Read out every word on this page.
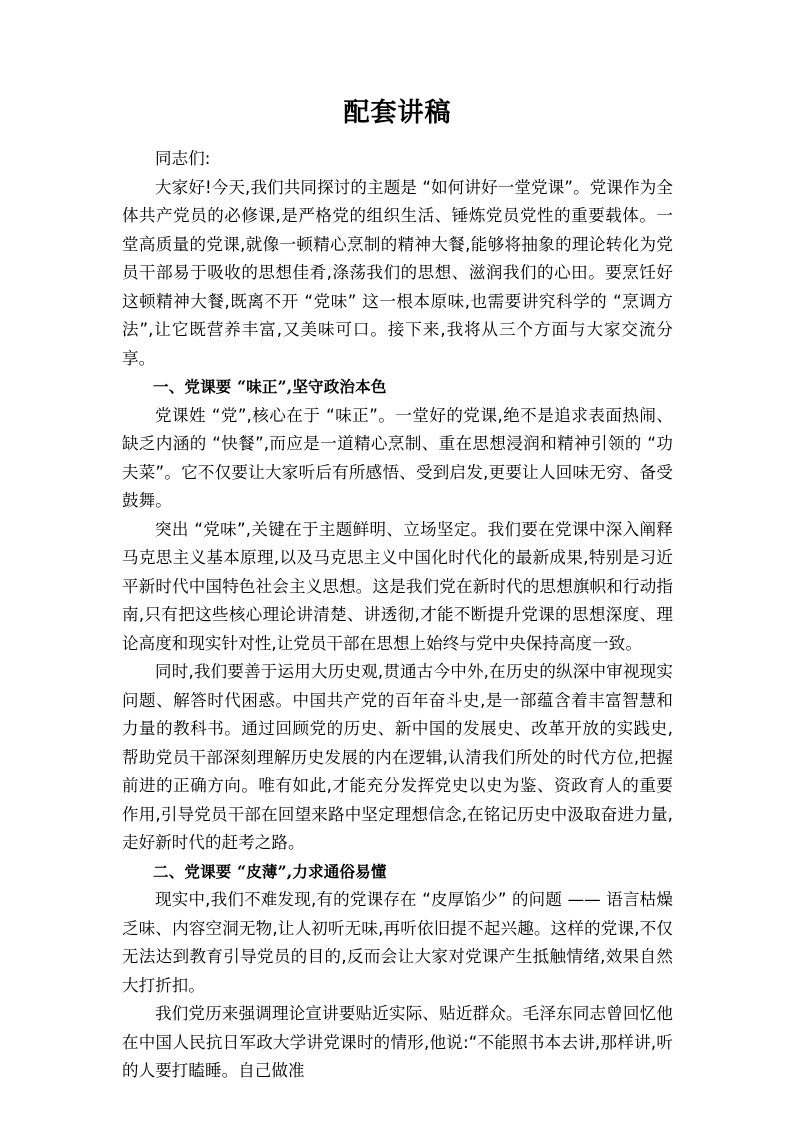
配套讲稿

同志们:

大家好!今天,我们共同探讨的主题是 “如何讲好一堂党课”。党课作为全体共产党员的必修课,是严格党的组织生活、锤炼党员党性的重要载体。一堂高质量的党课,就像一顿精心烹制的精神大餐,能够将抽象的理论转化为党员干部易于吸收的思想佳肴,涤荡我们的思想、滋润我们的心田。要烹饪好这顿精神大餐,既离不开 “党味” 这一根本原味,也需要讲究科学的 “烹调方法”,让它既营养丰富,又美味可口。接下来,我将从三个方面与大家交流分享。

一、党课要 “味正”,坚守政治本色

党课姓 “党”,核心在于 “味正”。一堂好的党课,绝不是追求表面热闹、缺乏内涵的 “快餐”,而应是一道精心烹制、重在思想浸润和精神引领的 “功夫菜”。它不仅要让大家听后有所感悟、受到启发,更要让人回味无穷、备受鼓舞。

突出 “党味”,关键在于主题鲜明、立场坚定。我们要在党课中深入阐释马克思主义基本原理,以及马克思主义中国化时代化的最新成果,特别是习近平新时代中国特色社会主义思想。这是我们党在新时代的思想旗帜和行动指南,只有把这些核心理论讲清楚、讲透彻,才能不断提升党课的思想深度、理论高度和现实针对性,让党员干部在思想上始终与党中央保持高度一致。

同时,我们要善于运用大历史观,贯通古今中外,在历史的纵深中审视现实问题、解答时代困惑。中国共产党的百年奋斗史,是一部蕴含着丰富智慧和力量的教科书。通过回顾党的历史、新中国的发展史、改革开放的实践史,帮助党员干部深刻理解历史发展的内在逻辑,认清我们所处的时代方位,把握前进的正确方向。唯有如此,才能充分发挥党史以史为鉴、资政育人的重要作用,引导党员干部在回望来路中坚定理想信念,在铭记历史中汲取奋进力量,走好新时代的赶考之路。

二、党课要 “皮薄”,力求通俗易懂

现实中,我们不难发现,有的党课存在 “皮厚馅少” 的问题 —— 语言枯燥乏味、内容空洞无物,让人初听无味,再听依旧提不起兴趣。这样的党课,不仅无法达到教育引导党员的目的,反而会让大家对党课产生抵触情绪,效果自然大打折扣。

我们党历来强调理论宣讲要贴近实际、贴近群众。毛泽东同志曾回忆他在中国人民抗日军政大学讲党课时的情形,他说:“不能照书本去讲,那样讲,听的人要打瞌睡。自己做准
